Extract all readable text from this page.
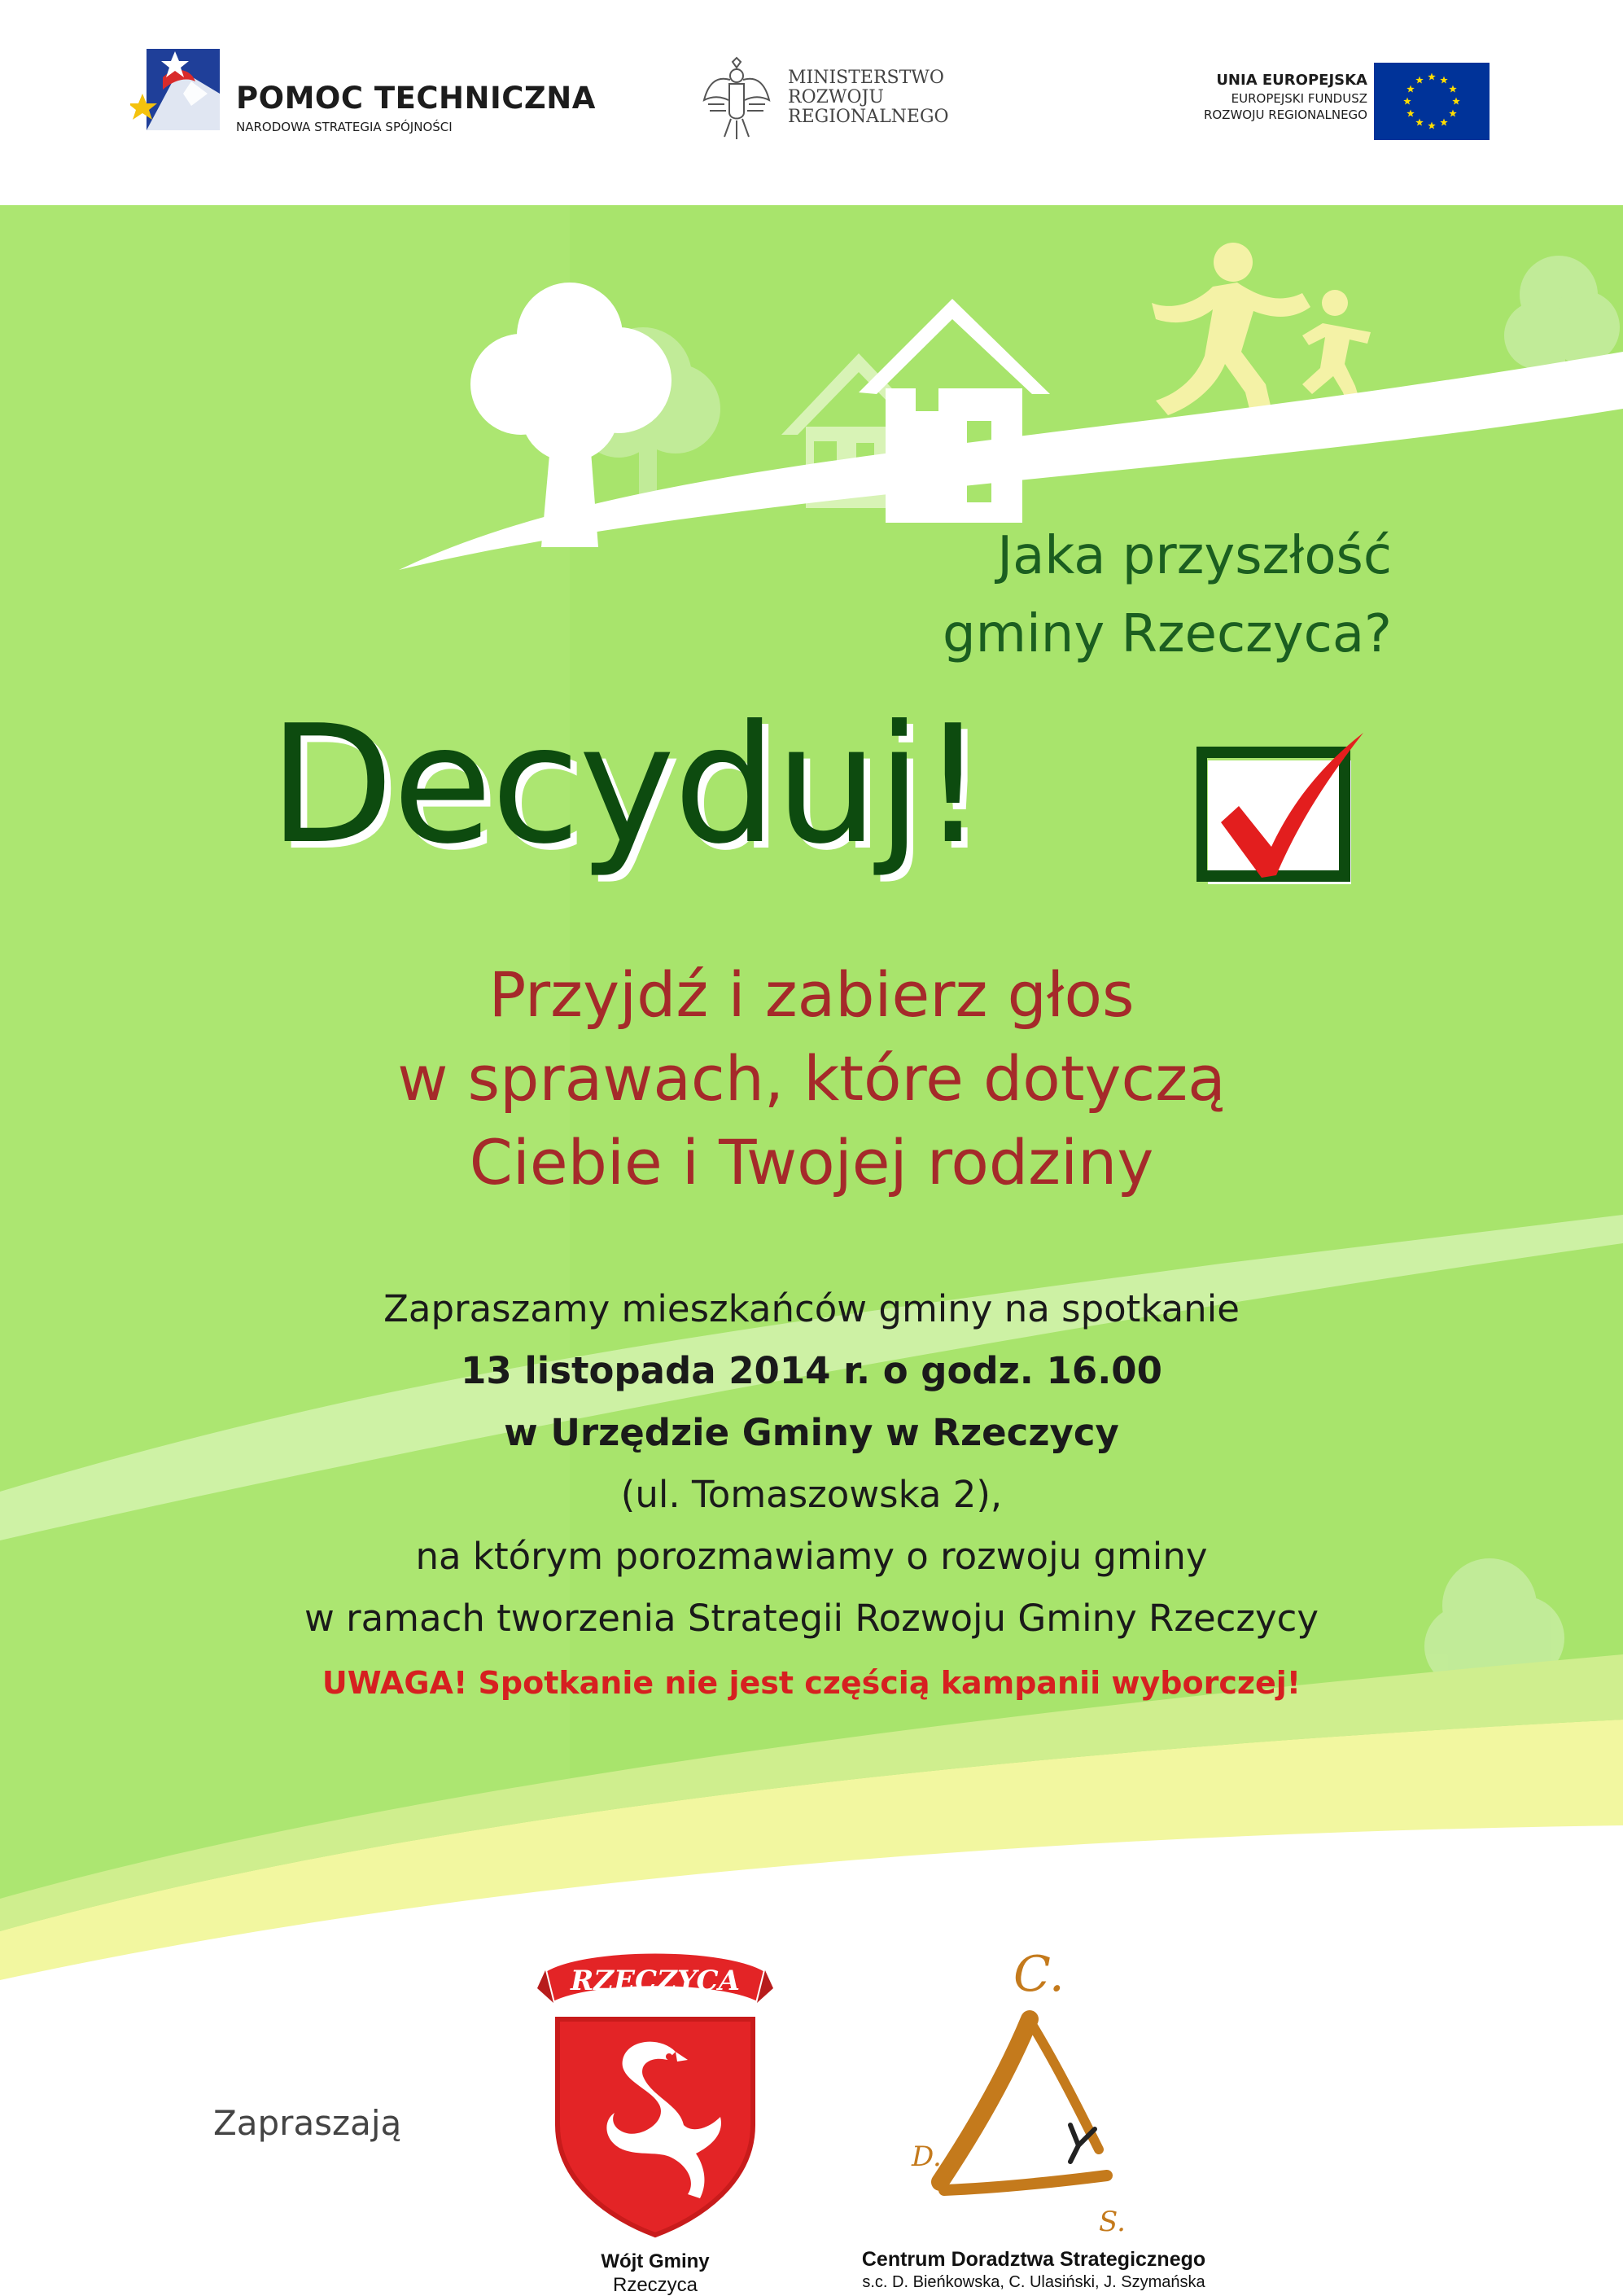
POMOC TECHNICZNA
NARODOWA STRATEGIA SPÓJNOŚCI
MINISTERSTWO
ROZWOJU
REGIONALNEGO
UNIA EUROPEJSKA
EUROPEJSKI FUNDUSZ
ROZWOJU REGIONALNEGO
Jaka przyszłość
gminy Rzeczyca?
Decyduj!
Przyjdź i zabierz głos
w sprawach, które dotyczą
Ciebie i Twojej rodziny
Zapraszamy mieszkańców gminy na spotkanie
13 listopada 2014 r. o godz. 16.00
w Urzędzie Gminy w Rzeczycy
(ul. Tomaszowska 2),
na którym porozmawiamy o rozwoju gminy
w ramach tworzenia Strategii Rozwoju Gminy Rzeczycy
UWAGA! Spotkanie nie jest częścią kampanii wyborczej!
Zapraszają
RZECZYCA
Wójt Gminy
Rzeczyca
C.
D.
S.
Centrum Doradztwa Strategicznego
s.c. D. Bieńkowska, C. Ulasiński, J. Szymańska
